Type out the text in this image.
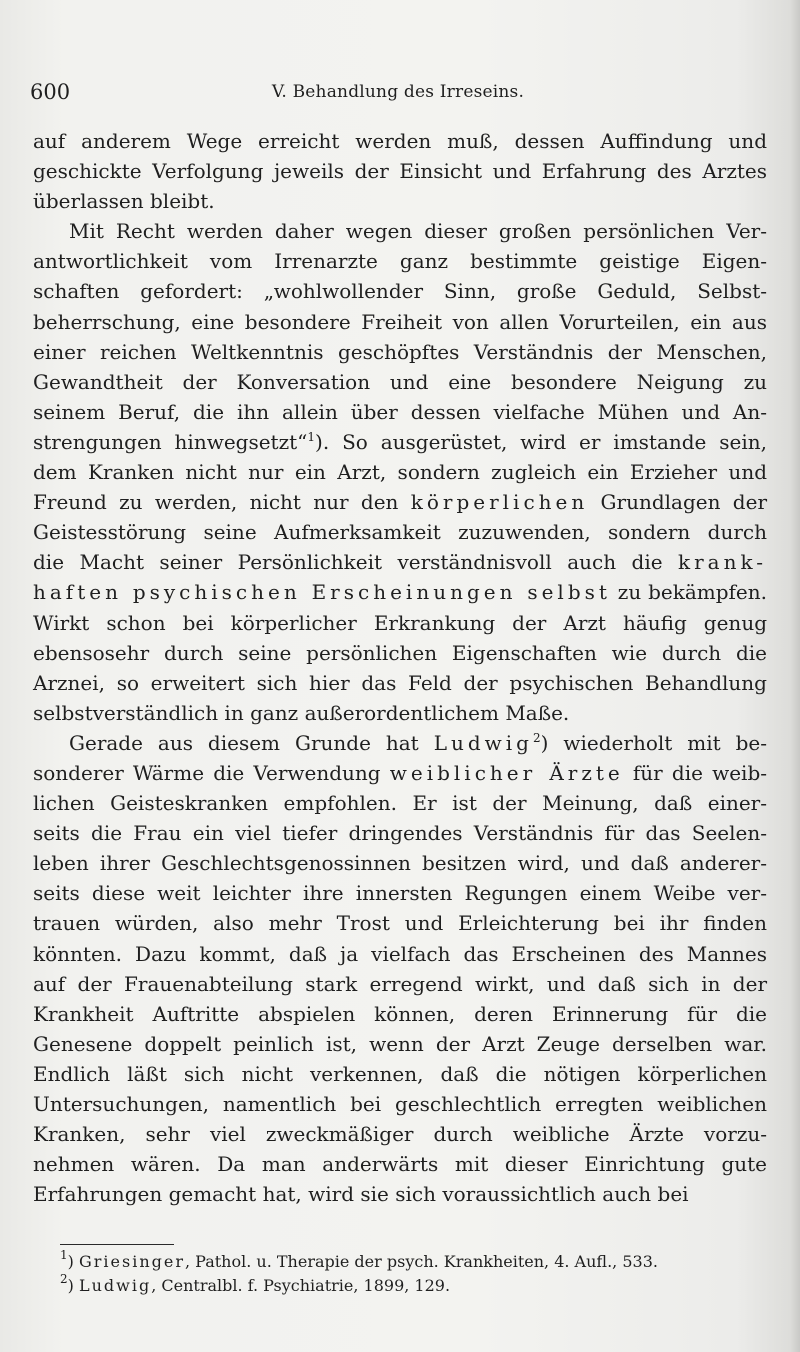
600	V. Behandlung des Irreseins.
auf anderem Wege erreicht werden muß, dessen Auffindung und
geschickte Verfolgung jeweils der Einsicht und Erfahrung des Arztes
überlassen bleibt.
Mit Recht werden daher wegen dieser großen persönlichen Ver-
antwortlichkeit vom Irrenarzte ganz bestimmte geistige Eigen-
schaften gefordert: „wohlwollender Sinn, große Geduld, Selbst-
beherrschung, eine besondere Freiheit von allen Vorurteilen, ein aus
einer reichen Weltkenntnis geschöpftes Verständnis der Menschen,
Gewandtheit der Konversation und eine besondere Neigung zu
seinem Beruf, die ihn allein über dessen vielfache Mühen und An-
strengungen hinwegsetzt“$^1$). So ausgerüstet, wird er imstande sein,
dem Kranken nicht nur ein Arzt, sondern zugleich ein Erzieher und
Freund zu werden, nicht nur den körperlichen Grundlagen der
Geistesstörung seine Aufmerksamkeit zuzuwenden, sondern durch
die Macht seiner Persönlichkeit verständnisvoll auch die krank-
haften psychischen Erscheinungen selbst zu bekämpfen.
Wirkt schon bei körperlicher Erkrankung der Arzt häufig genug
ebensosehr durch seine persönlichen Eigenschaften wie durch die
Arznei, so erweitert sich hier das Feld der psychischen Behandlung
selbstverständlich in ganz außerordentlichem Maße.
Gerade aus diesem Grunde hat Ludwig$^2$) wiederholt mit be-
sonderer Wärme die Verwendung weiblicher Ärzte für die weib-
lichen Geisteskranken empfohlen. Er ist der Meinung, daß einer-
seits die Frau ein viel tiefer dringendes Verständnis für das Seelen-
leben ihrer Geschlechtsgenossinnen besitzen wird, und daß anderer-
seits diese weit leichter ihre innersten Regungen einem Weibe ver-
trauen würden, also mehr Trost und Erleichterung bei ihr finden
könnten. Dazu kommt, daß ja vielfach das Erscheinen des Mannes
auf der Frauenabteilung stark erregend wirkt, und daß sich in der
Krankheit Auftritte abspielen können, deren Erinnerung für die
Genesene doppelt peinlich ist, wenn der Arzt Zeuge derselben war.
Endlich läßt sich nicht verkennen, daß die nötigen körperlichen
Untersuchungen, namentlich bei geschlechtlich erregten weiblichen
Kranken, sehr viel zweckmäßiger durch weibliche Ärzte vorzu-
nehmen wären. Da man anderwärts mit dieser Einrichtung gute
Erfahrungen gemacht hat, wird sie sich voraussichtlich auch bei
$^1$) Griesinger, Pathol. u. Therapie der psych. Krankheiten, 4. Aufl., 533.
$^2$) Ludwig, Centralbl. f. Psychiatrie, 1899, 129.
